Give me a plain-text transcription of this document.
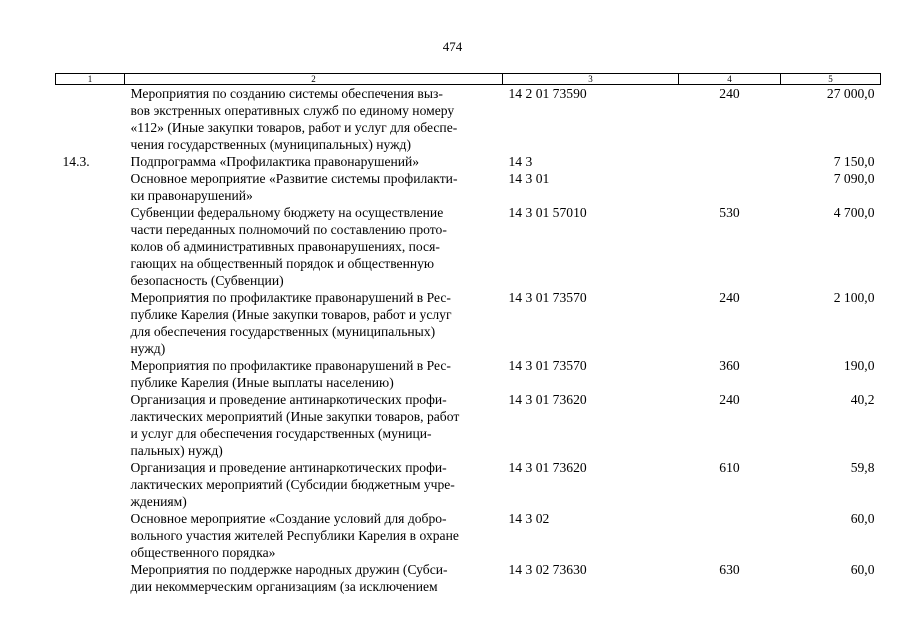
474
1	2	3	4	5

	Мероприятия по созданию системы обеспечения выз-
вов экстренных оперативных служб по единому номеру
«112» (Иные закупки товаров, работ и услуг для обеспе-
чения государственных (муниципальных) нужд)	14 2 01 73590	240	27 000,0
14.3.	Подпрограмма «Профилактика правонарушений»	14 3		7 150,0

	Основное мероприятие «Развитие системы профилакти-
ки правонарушений»	14 3 01		7 090,0

	Субвенции федеральному бюджету на осуществление
части переданных полномочий по составлению прото-
колов об административных правонарушениях, пося-
гающих на общественный порядок и общественную
безопасность (Субвенции)	14 3 01 57010	530	4 700,0

	Мероприятия по профилактике правонарушений в Рес-
публике Карелия (Иные закупки товаров, работ и услуг
для обеспечения государственных (муниципальных)
нужд)	14 3 01 73570	240	2 100,0

	Мероприятия по профилактике правонарушений в Рес-
публике Карелия (Иные выплаты населению)	14 3 01 73570	360	190,0

	Организация и проведение антинаркотических профи-
лактических мероприятий (Иные закупки товаров, работ
и услуг для обеспечения государственных (муници-
пальных) нужд)	14 3 01 73620	240	40,2

	Организация и проведение антинаркотических профи-
лактических мероприятий (Субсидии бюджетным учре-
ждениям)	14 3 01 73620	610	59,8

	Основное мероприятие «Создание условий для добро-
вольного участия жителей Республики Карелия в охране
общественного порядка»	14 3 02		60,0

	Мероприятия по поддержке народных дружин (Субси-
дии некоммерческим организациям (за исключением	14 3 02 73630	630	60,0
